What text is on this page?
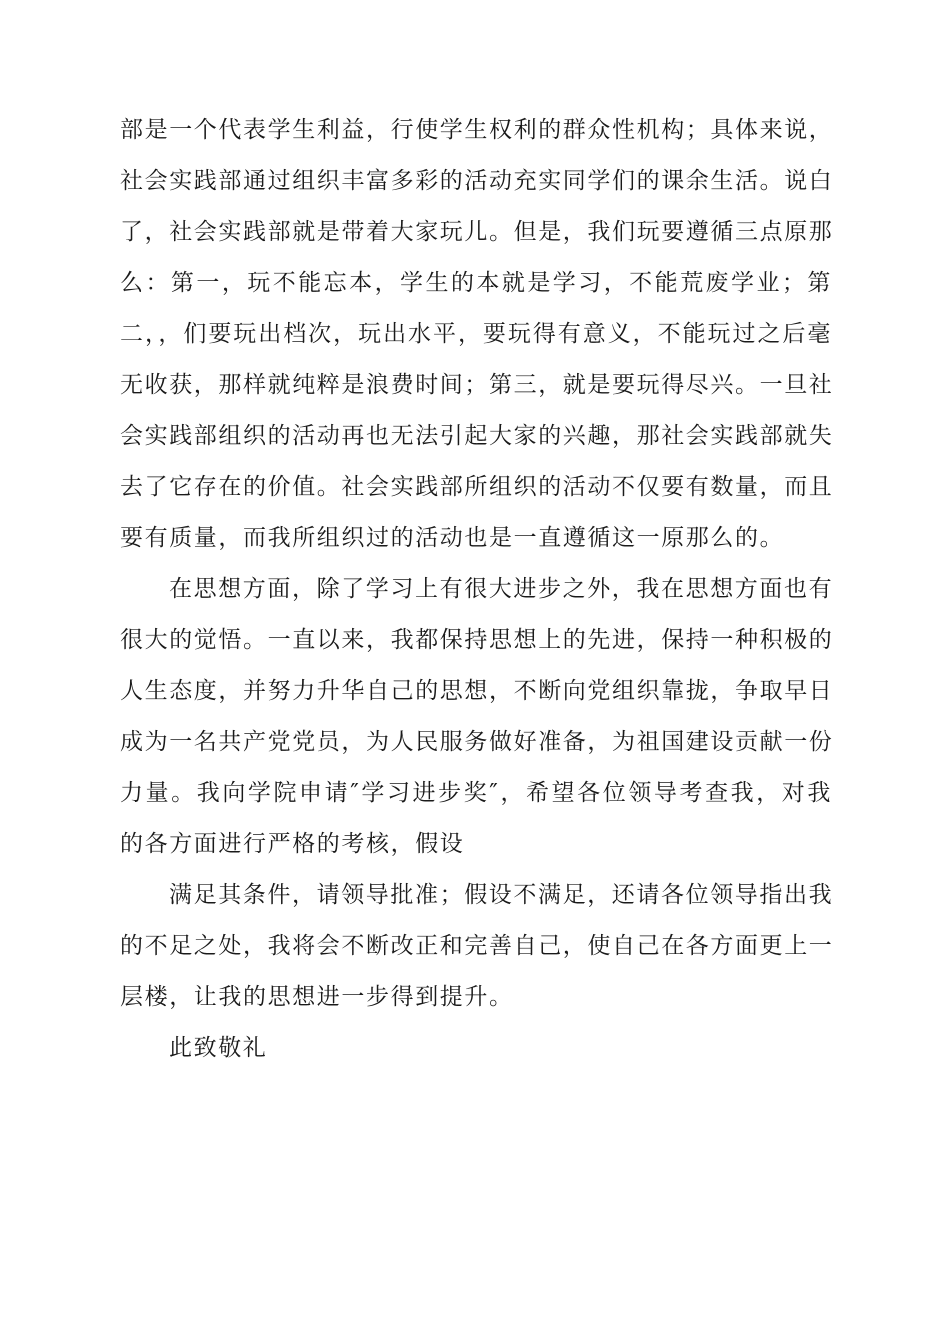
部是一个代表学生利益，行使学生权利的群众性机构；具体来说，
社会实践部通过组织丰富多彩的活动充实同学们的课余生活。说白
了，社会实践部就是带着大家玩儿。但是，我们玩要遵循三点原那
么：第一，玩不能忘本，学生的本就是学习，不能荒废学业；第
二，，们要玩出档次，玩出水平，要玩得有意义，不能玩过之后毫
无收获，那样就纯粹是浪费时间；第三，就是要玩得尽兴。一旦社
会实践部组织的活动再也无法引起大家的兴趣，那社会实践部就失
去了它存在的价值。社会实践部所组织的活动不仅要有数量，而且
要有质量，而我所组织过的活动也是一直遵循这一原那么的。
在思想方面，除了学习上有很大进步之外，我在思想方面也有
很大的觉悟。一直以来，我都保持思想上的先进，保持一种积极的
人生态度，并努力升华自己的思想，不断向党组织靠拢，争取早日
成为一名共产党党员，为人民服务做好准备，为祖国建设贡献一份
力量。我向学院申请″学习进步奖″，希望各位领导考查我，对我
的各方面进行严格的考核，假设
满足其条件，请领导批准；假设不满足，还请各位领导指出我
的不足之处，我将会不断改正和完善自己，使自己在各方面更上一
层楼，让我的思想进一步得到提升。
此致敬礼
